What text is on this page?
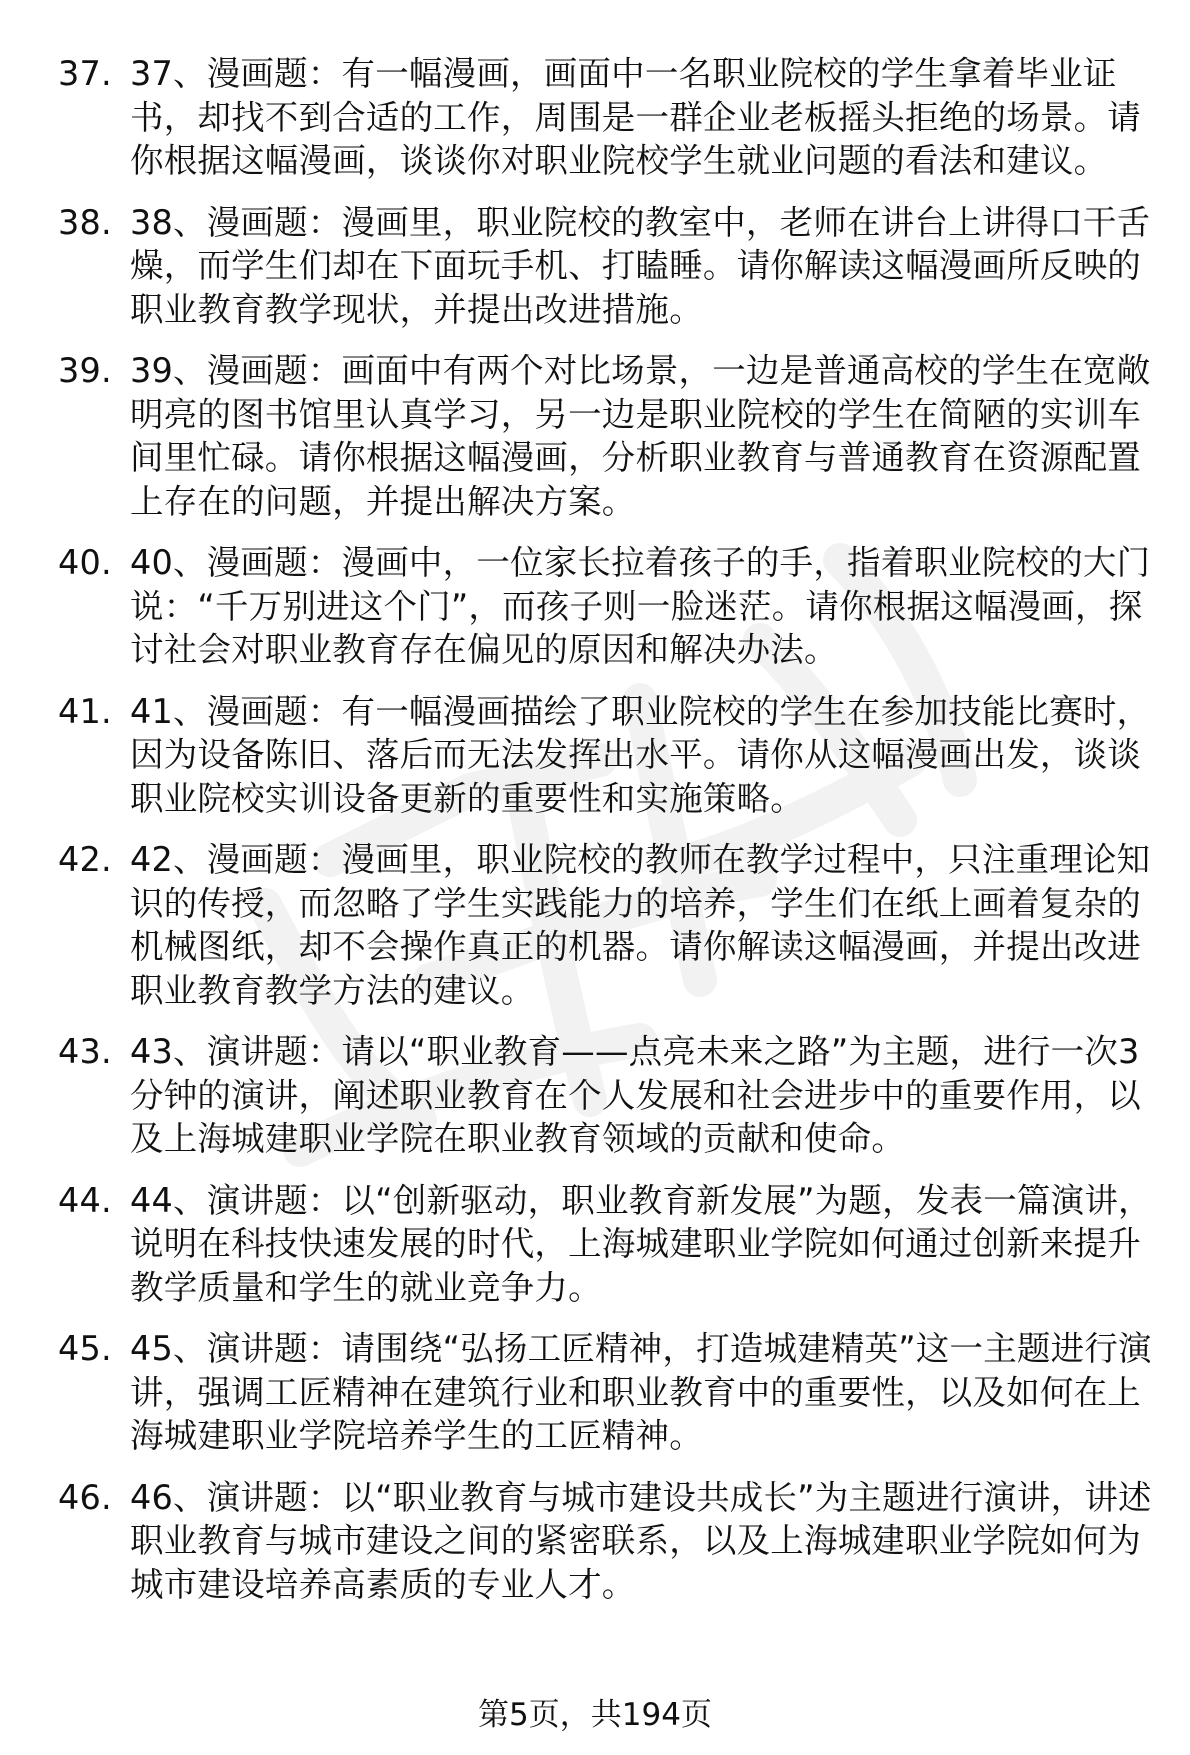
37. 37、漫画题：有一幅漫画，画面中一名职业院校的学生拿着毕业证书，却找不到合适的工作，周围是一群企业老板摇头拒绝的场景。请你根据这幅漫画，谈谈你对职业院校学生就业问题的看法和建议。
38. 38、漫画题：漫画里，职业院校的教室中，老师在讲台上讲得口干舌燥，而学生们却在下面玩手机、打瞌睡。请你解读这幅漫画所反映的职业教育教学现状，并提出改进措施。
39. 39、漫画题：画面中有两个对比场景，一边是普通高校的学生在宽敞明亮的图书馆里认真学习，另一边是职业院校的学生在简陋的实训车间里忙碌。请你根据这幅漫画，分析职业教育与普通教育在资源配置上存在的问题，并提出解决方案。
40. 40、漫画题：漫画中，一位家长拉着孩子的手，指着职业院校的大门说：“千万别进这个门”，而孩子则一脸迷茫。请你根据这幅漫画，探讨社会对职业教育存在偏见的原因和解决办法。
41. 41、漫画题：有一幅漫画描绘了职业院校的学生在参加技能比赛时，因为设备陈旧、落后而无法发挥出水平。请你从这幅漫画出发，谈谈职业院校实训设备更新的重要性和实施策略。
42. 42、漫画题：漫画里，职业院校的教师在教学过程中，只注重理论知识的传授，而忽略了学生实践能力的培养，学生们在纸上画着复杂的机械图纸，却不会操作真正的机器。请你解读这幅漫画，并提出改进职业教育教学方法的建议。
43. 43、演讲题：请以“职业教育——点亮未来之路”为主题，进行一次3分钟的演讲，阐述职业教育在个人发展和社会进步中的重要作用，以及上海城建职业学院在职业教育领域的贡献和使命。
44. 44、演讲题：以“创新驱动，职业教育新发展”为题，发表一篇演讲，说明在科技快速发展的时代，上海城建职业学院如何通过创新来提升教学质量和学生的就业竞争力。
45. 45、演讲题：请围绕“弘扬工匠精神，打造城建精英”这一主题进行演讲，强调工匠精神在建筑行业和职业教育中的重要性，以及如何在上海城建职业学院培养学生的工匠精神。
46. 46、演讲题：以“职业教育与城市建设共成长”为主题进行演讲，讲述职业教育与城市建设之间的紧密联系，以及上海城建职业学院如何为城市建设培养高素质的专业人才。
第5页，共194页
